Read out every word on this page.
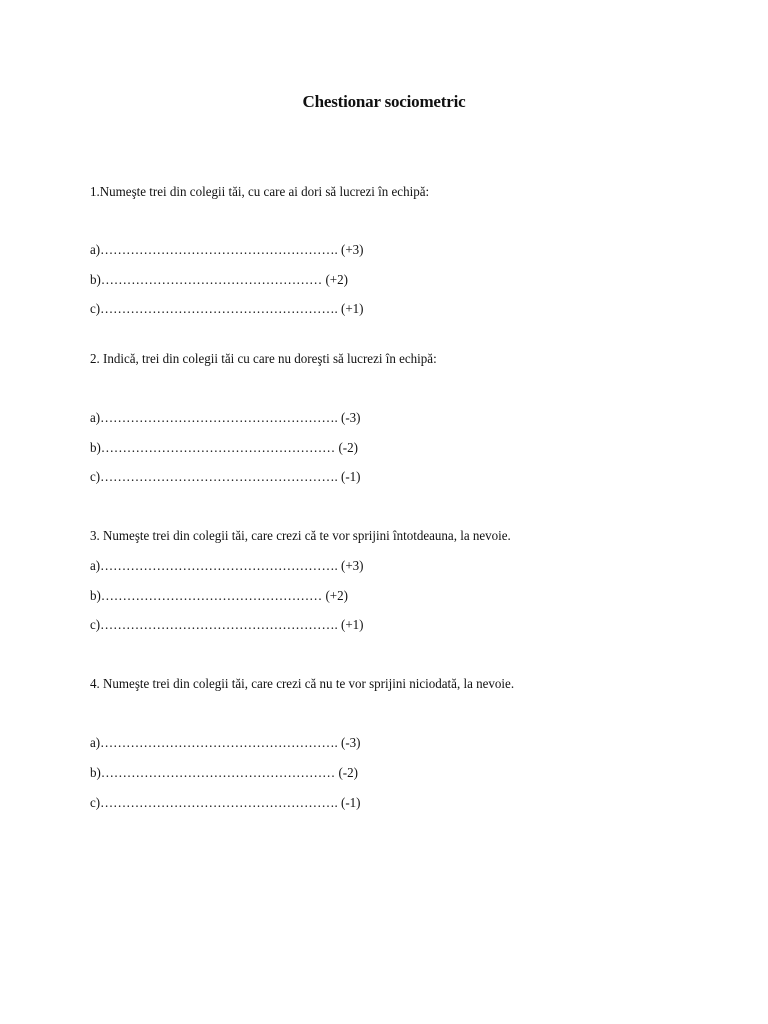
Chestionar sociometric

1.Numeşte trei din colegii tăi, cu care ai dori să lucrezi în echipă:

a)………………………………………………. (+3)

b)…………………………………………… (+2)

c)………………………………………………. (+1)

2. Indică, trei din colegii tăi cu care nu doreşti să lucrezi în echipă:

a)………………………………………………. (-3)

b)……………………………………………… (-2)

c)………………………………………………. (-1)

3. Numeşte trei din colegii tăi, care crezi că te vor sprijini întotdeauna, la nevoie.

a)………………………………………………. (+3)

b)…………………………………………… (+2)

c)………………………………………………. (+1)

4. Numeşte trei din colegii tăi, care crezi că nu te vor sprijini niciodată, la nevoie.

a)………………………………………………. (-3)

b)……………………………………………… (-2)

c)………………………………………………. (-1)
